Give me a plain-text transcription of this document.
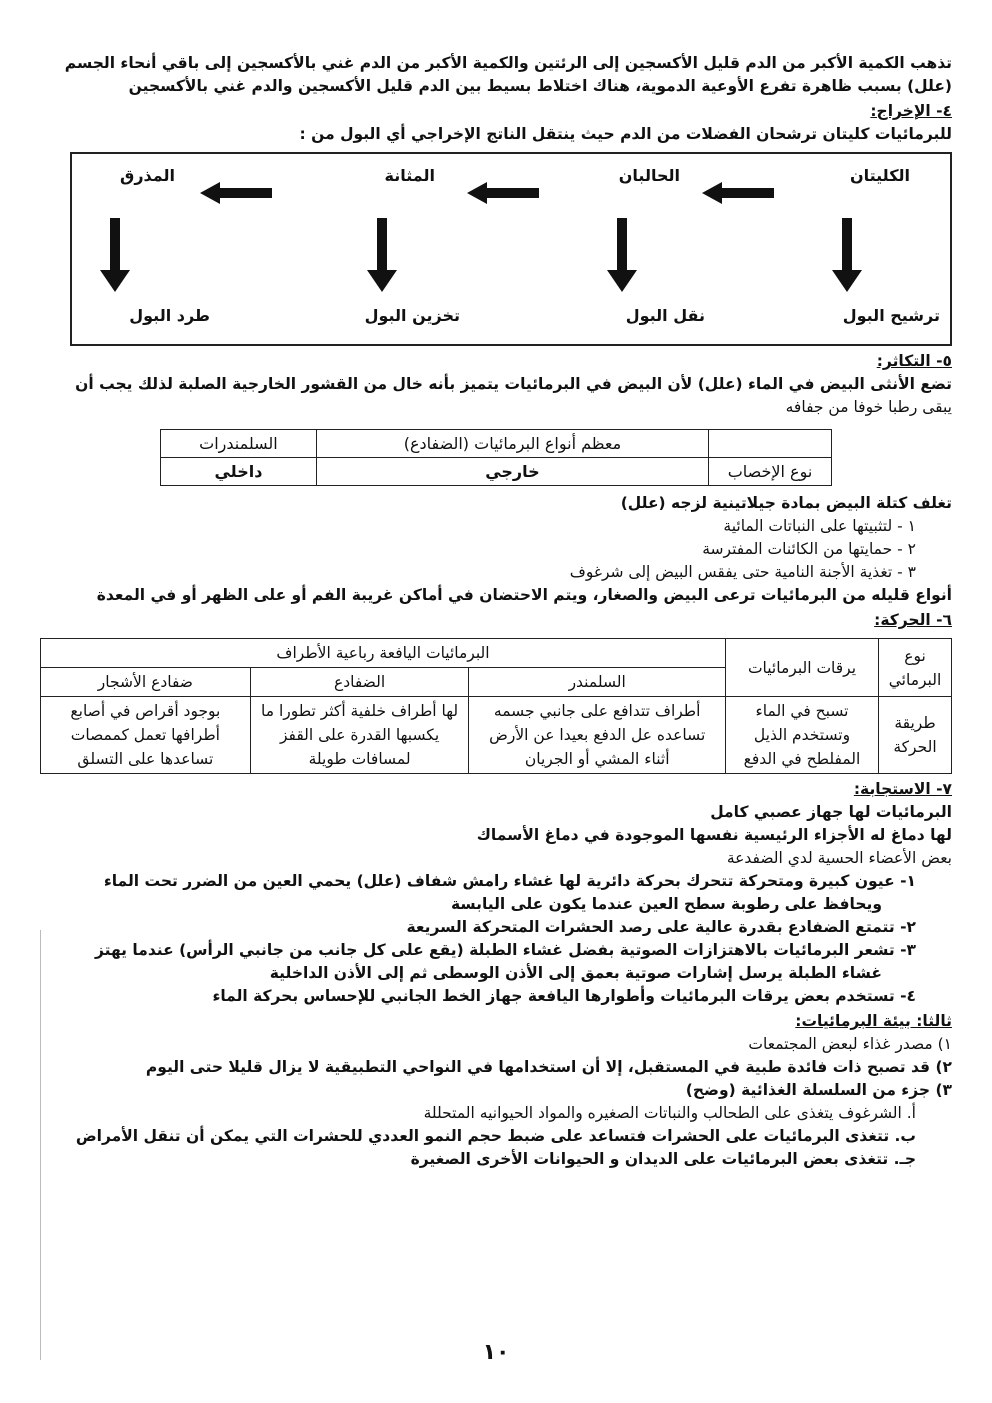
تذهب الكمية الأكبر من الدم قليل الأكسجين إلى الرئتين والكمية الأكبر من الدم غني بالأكسجين إلى باقي أنحاء الجسم

(علل) بسبب ظاهرة تفرع الأوعية الدموية، هناك اختلاط بسيط بين الدم قليل الأكسجين والدم غني بالأكسجين

٤- الإخراج:

للبرمائيات كليتان ترشحان الفضلات من الدم حيث ينتقل الناتج الإخراجي أي البول من :

الكليتان
الحالبان
المثانة
المذرق
ترشيح البول
نقل البول
تخزين البول
طرد البول

٥- التكاثر:

تضع الأنثى البيض في الماء (علل) لأن البيض في البرمائيات يتميز بأنه خال من القشور الخارجية الصلبة لذلك يجب أن

يبقى رطبا خوفا من جفافه

	معظم أنواع البرمائيات (الضفادع)	السلمندرات
نوع الإخصاب	خارجي	داخلي

تغلف كتلة البيض بمادة جيلاتينية لزجه (علل)

١ - لتثبيتها على النباتات المائية

٢ - حمايتها من الكائنات المفترسة

٣ - تغذية الأجنة النامية حتى يفقس البيض إلى شرغوف

أنواع قليله من البرمائيات ترعى البيض والصغار، ويتم الاحتضان في أماكن غريبة الفم أو على الظهر أو في المعدة

٦- الحركة:

نوع البرمائي	يرقات البرمائيات	البرمائيات اليافعة رباعية الأطراف		
		السلمندر	الضفادع	ضفادع الأشجار
طريقة الحركة	تسبح في الماء وتستخدم الذيل المفلطح في الدفع	أطراف تتدافع على جانبي جسمه تساعده عل الدفع بعيدا عن الأرض أثناء المشي أو الجريان	لها أطراف خلفية أكثر تطورا ما يكسبها القدرة على القفز لمسافات طويلة	بوجود أقراص في أصابع أطرافها تعمل كممصات تساعدها على التسلق

٧- الاستجابة:

البرمائيات لها جهاز عصبي كامل

لها دماغ له الأجزاء الرئيسية نفسها الموجودة في دماغ الأسماك

بعض الأعضاء الحسية لدي الضفدعة

١- عيون كبيرة ومتحركة تتحرك بحركة دائرية لها غشاء رامش شفاف (علل) يحمي العين من الضرر تحت الماء

ويحافظ على رطوبة سطح العين عندما يكون على اليابسة

٢- تتمتع الضفادع بقدرة عالية على رصد الحشرات المتحركة السريعة

٣- تشعر البرمائيات بالاهتزازات الصوتية بفضل غشاء الطبلة (يقع على كل جانب من جانبي الرأس) عندما يهتز

غشاء الطبلة يرسل إشارات صوتية بعمق إلى الأذن الوسطى ثم إلى الأذن الداخلية

٤- تستخدم بعض يرقات البرمائيات وأطوارها اليافعة جهاز الخط الجانبي للإحساس بحركة الماء

ثالثا: بيئة البرمائيات:

١) مصدر غذاء لبعض المجتمعات

٢) قد تصبح ذات فائدة طبية في المستقبل، إلا أن استخدامها في النواحي التطبيقية لا يزال قليلا حتى اليوم

٣) جزء من السلسلة الغذائية (وضح)

أ. الشرغوف يتغذى على الطحالب والنباتات الصغيره والمواد الحيوانيه المتحللة

ب. تتغذى البرمائيات على الحشرات فتساعد على ضبط حجم النمو العددي للحشرات التي يمكن أن تنقل الأمراض

جـ. تتغذى بعض البرمائيات على الديدان و الحيوانات الأخرى الصغيرة

١٠
